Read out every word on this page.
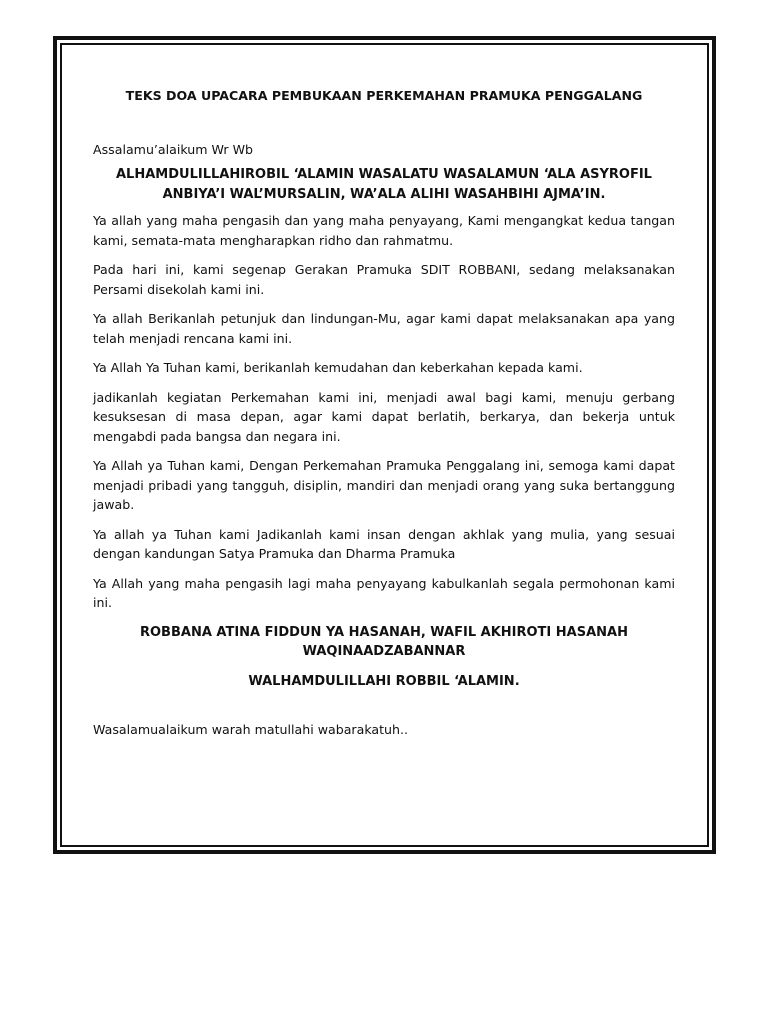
TEKS DOA UPACARA PEMBUKAAN PERKEMAHAN PRAMUKA PENGGALANG

Assalamu’alaikum Wr Wb

ALHAMDULILLAHIROBIL ‘ALAMIN WASALATU WASALAMUN ‘ALA ASYROFIL ANBIYA’I WAL’MURSALIN, WA’ALA ALIHI WASAHBIHI AJMA’IN.

Ya allah yang maha pengasih dan yang maha penyayang, Kami mengangkat kedua tangan kami, semata-mata mengharapkan ridho dan rahmatmu.

Pada hari ini, kami segenap Gerakan Pramuka SDIT ROBBANI, sedang melaksanakan Persami disekolah kami ini.

Ya allah Berikanlah petunjuk dan lindungan-Mu, agar kami dapat melaksanakan apa yang telah menjadi rencana kami ini.

Ya Allah Ya Tuhan kami, berikanlah kemudahan dan keberkahan kepada kami.

jadikanlah kegiatan Perkemahan kami ini, menjadi awal bagi kami, menuju gerbang kesuksesan di masa depan, agar kami dapat berlatih, berkarya, dan bekerja untuk mengabdi pada bangsa dan negara ini.

Ya Allah ya Tuhan kami, Dengan Perkemahan Pramuka Penggalang ini, semoga kami dapat menjadi pribadi yang tangguh, disiplin, mandiri dan menjadi orang yang suka bertanggung jawab.

Ya allah ya Tuhan kami Jadikanlah kami insan dengan akhlak yang mulia, yang sesuai dengan kandungan Satya Pramuka dan Dharma Pramuka

Ya Allah yang maha pengasih lagi maha penyayang kabulkanlah segala permohonan kami ini.

ROBBANA ATINA FIDDUN YA HASANAH, WAFIL AKHIROTI HASANAH WAQINAADZABANNAR

WALHAMDULILLAHI ROBBIL ‘ALAMIN.

Wasalamualaikum warah matullahi wabarakatuh..
